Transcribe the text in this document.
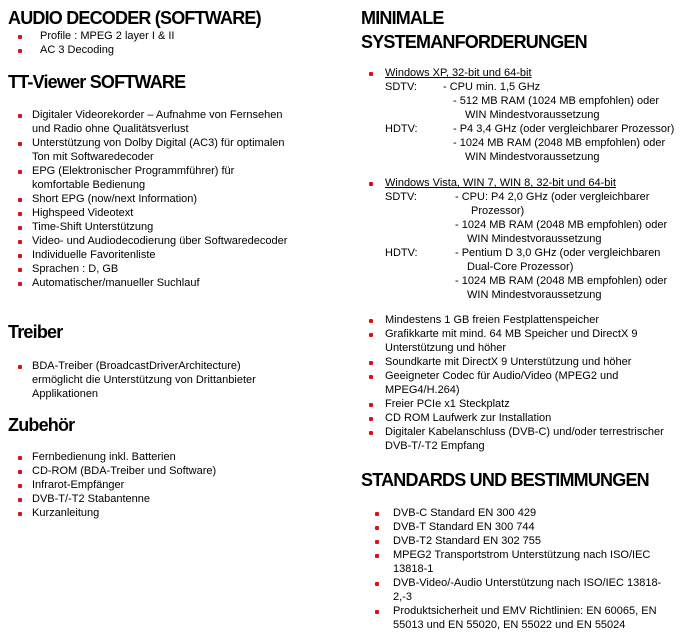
AUDIO DECODER (SOFTWARE)
Profile : MPEG 2 layer I & II
AC 3 Decoding
TT-Viewer SOFTWARE
Digitaler Videorekorder – Aufnahme von Fernsehen und Radio ohne Qualitätsverlust
Unterstützung von Dolby Digital (AC3) für optimalen Ton mit Softwaredecoder
EPG (Elektronischer Programmführer) für komfortable Bedienung
Short EPG (now/next Information)
Highspeed Videotext
Time-Shift Unterstützung
Video- und Audiodecodierung über Softwaredecoder
Individuelle Favoritenliste
Sprachen : D, GB
Automatischer/manueller Suchlauf
Treiber
BDA-Treiber (BroadcastDriverArchitecture) ermöglicht die Unterstützung von Drittanbieter Applikationen
Zubehör
Fernbedienung inkl. Batterien
CD-ROM (BDA-Treiber und Software)
Infrarot-Empfänger
DVB-T/-T2 Stabantenne
Kurzanleitung
MINIMALE
SYSTEMANFORDERUNGEN
Windows XP, 32-bit und 64-bit
SDTV:	- CPU min. 1,5 GHz
- 512 MB RAM (1024 MB empfohlen) oder
WIN Mindestvoraussetzung
HDTV:	- P4 3,4 GHz (oder vergleichbarer Prozessor)
- 1024 MB RAM (2048 MB empfohlen) oder
WIN Mindestvoraussetzung
Windows Vista, WIN 7, WIN 8, 32-bit und 64-bit
SDTV:	- CPU: P4 2,0 GHz (oder vergleichbarer
Prozessor)
- 1024 MB RAM (2048 MB empfohlen) oder
WIN Mindestvoraussetzung
HDTV:	- Pentium D 3,0 GHz (oder vergleichbaren
Dual-Core Prozessor)
- 1024 MB RAM (2048 MB empfohlen) oder
WIN Mindestvoraussetzung
Mindestens 1 GB freien Festplattenspeicher
Grafikkarte mit mind. 64 MB Speicher und DirectX 9 Unterstützung und höher
Soundkarte mit DirectX 9 Unterstützung und höher
Geeigneter Codec für Audio/Video (MPEG2 und MPEG4/H.264)
Freier PCIe x1 Steckplatz
CD ROM Laufwerk zur Installation
Digitaler Kabelanschluss (DVB-C) und/oder terrestrischer DVB-T/-T2 Empfang
STANDARDS UND BESTIMMUNGEN
DVB-C Standard EN 300 429
DVB-T Standard EN 300 744
DVB-T2 Standard EN 302 755
MPEG2 Transportstrom Unterstützung nach ISO/IEC 13818-1
DVB-Video/-Audio Unterstützung nach ISO/IEC 13818-2,-3
Produktsicherheit und EMV Richtlinien: EN 60065, EN 55013 und EN 55020, EN 55022 und EN 55024
